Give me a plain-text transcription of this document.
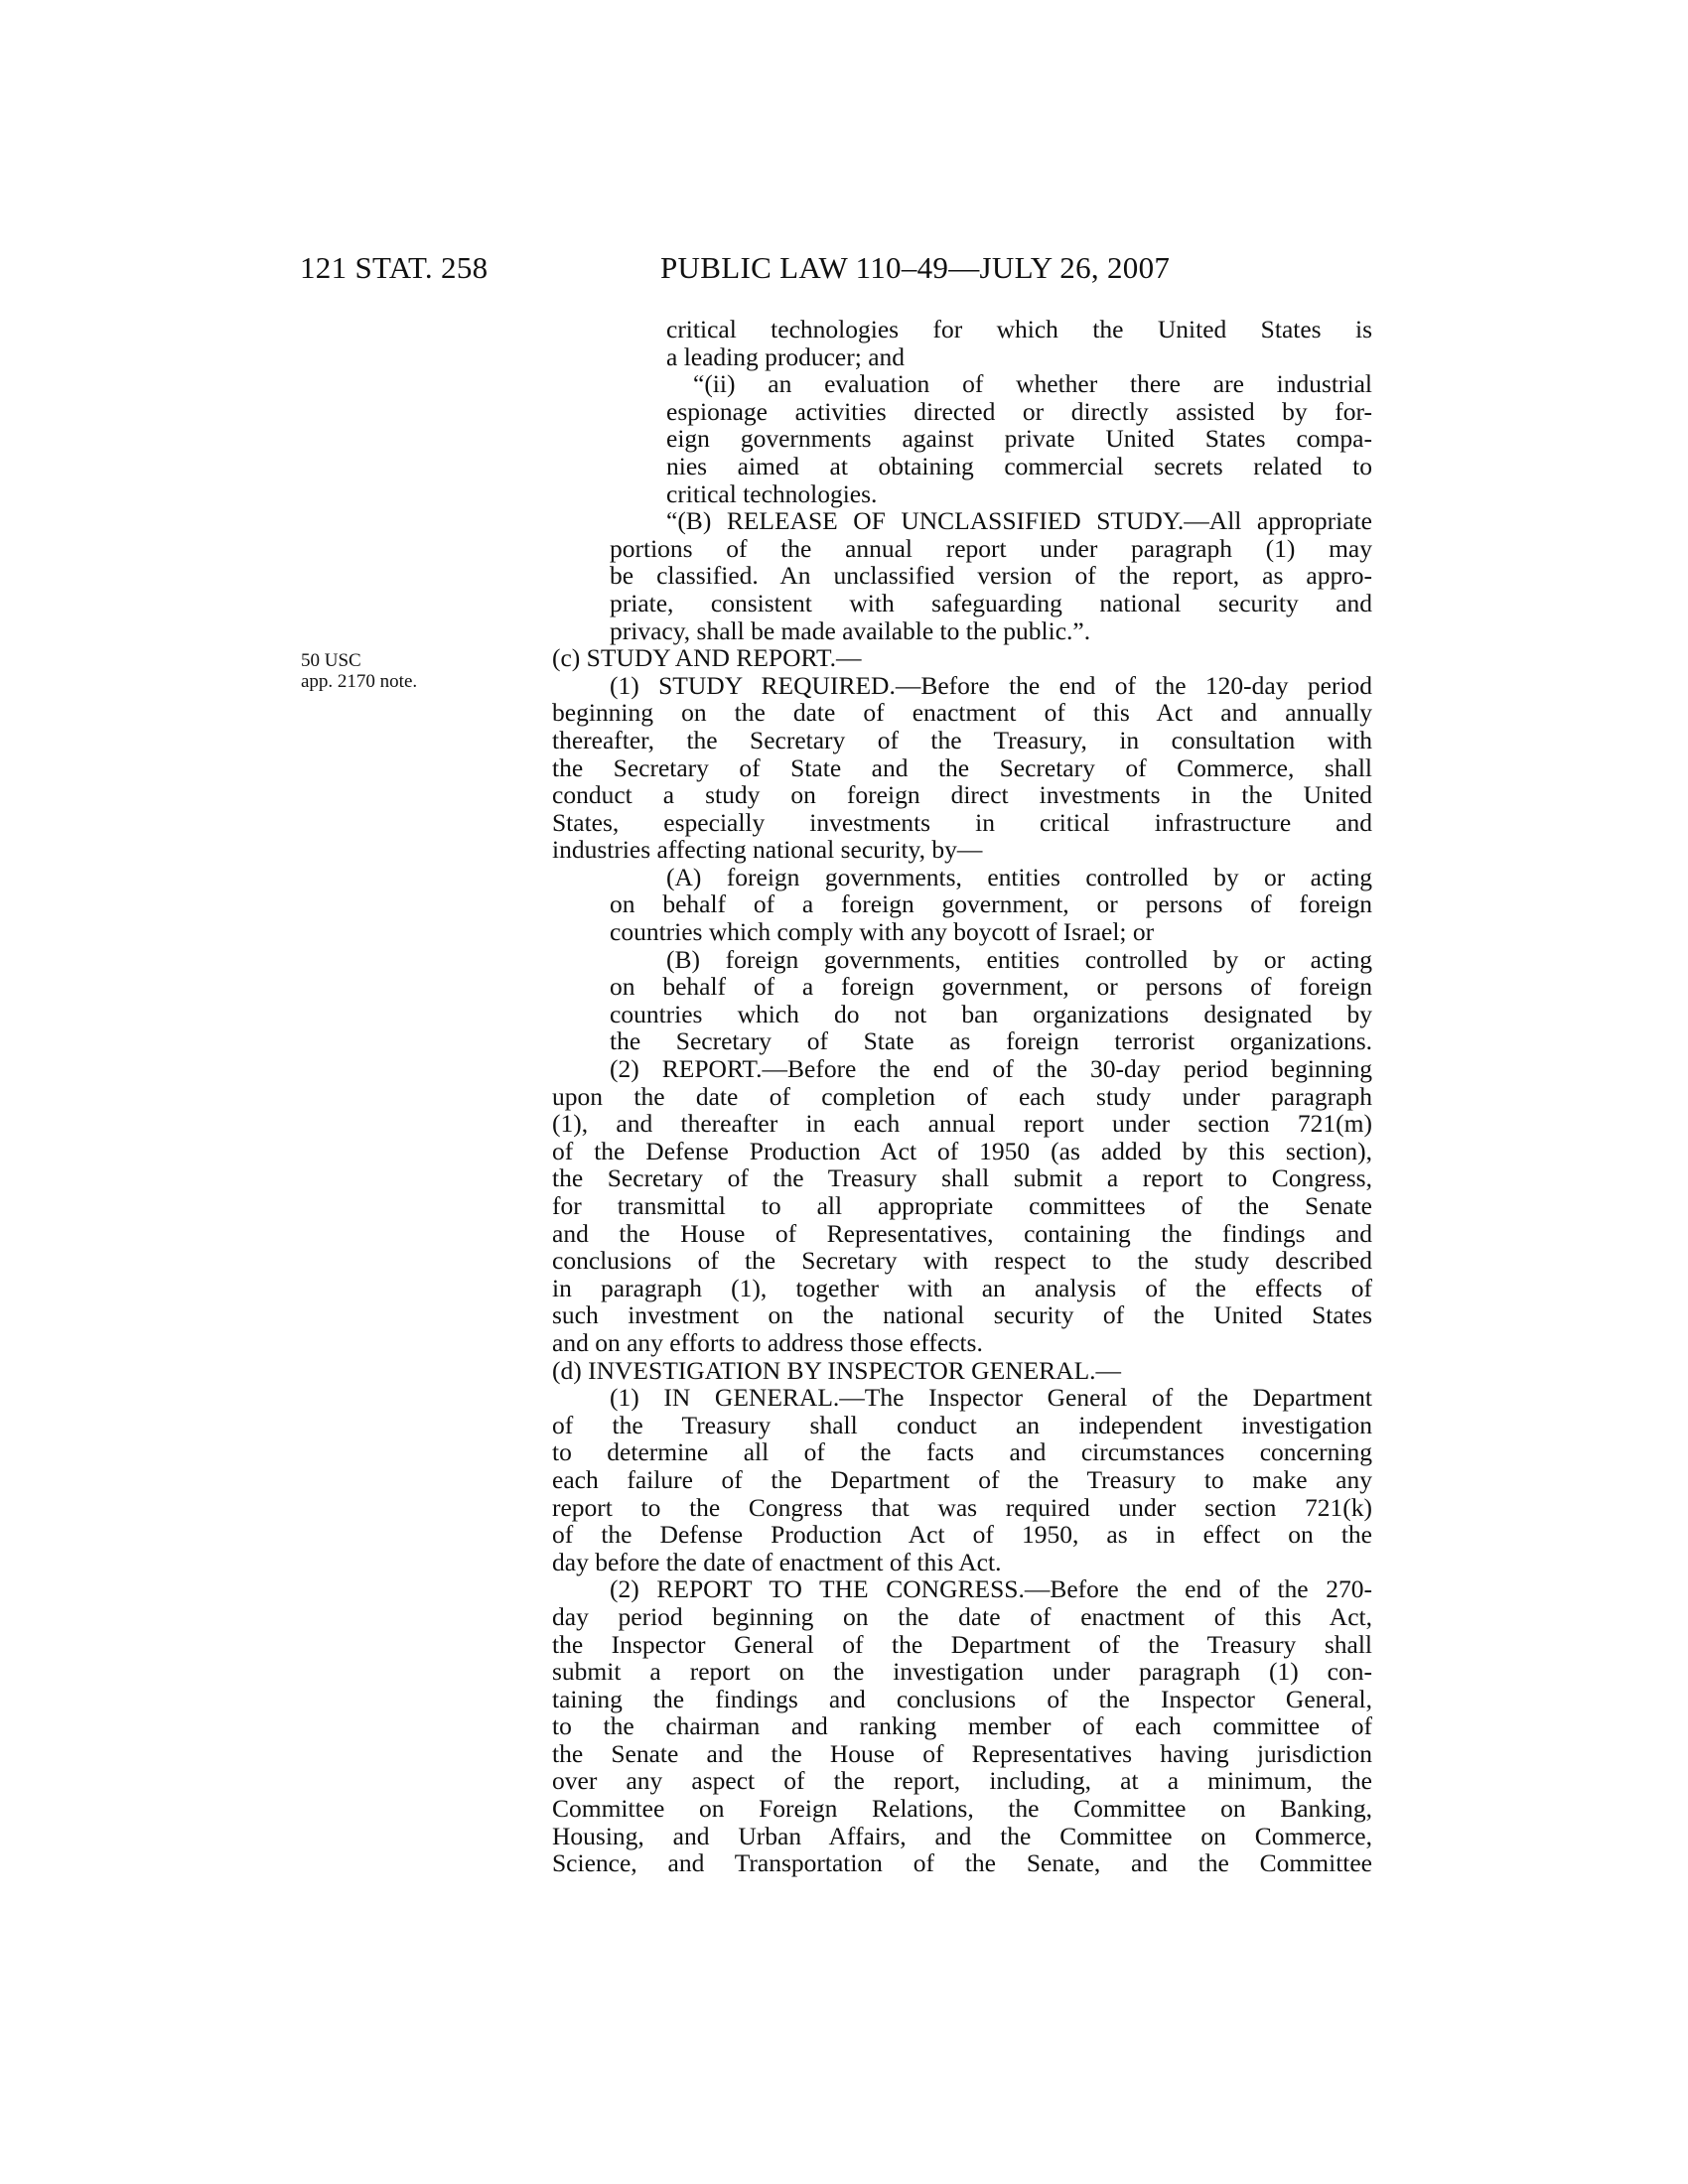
121 STAT. 258	PUBLIC LAW 110–49—JULY 26, 2007
50 USC
app. 2170 note.
critical technologies for which the United States is
a leading producer; and
“(ii) an evaluation of whether there are industrial
espionage activities directed or directly assisted by for-
eign governments against private United States compa-
nies aimed at obtaining commercial secrets related to
critical technologies.
“(B) RELEASE OF UNCLASSIFIED STUDY.—All appropriate
portions of the annual report under paragraph (1) may
be classified. An unclassified version of the report, as appro-
priate, consistent with safeguarding national security and
privacy, shall be made available to the public.”.
(c) STUDY AND REPORT.—
(1) STUDY REQUIRED.—Before the end of the 120-day period
beginning on the date of enactment of this Act and annually
thereafter, the Secretary of the Treasury, in consultation with
the Secretary of State and the Secretary of Commerce, shall
conduct a study on foreign direct investments in the United
States, especially investments in critical infrastructure and
industries affecting national security, by—
(A) foreign governments, entities controlled by or acting
on behalf of a foreign government, or persons of foreign
countries which comply with any boycott of Israel; or
(B) foreign governments, entities controlled by or acting
on behalf of a foreign government, or persons of foreign
countries which do not ban organizations designated by
the Secretary of State as foreign terrorist organizations.
(2) REPORT.—Before the end of the 30-day period beginning
upon the date of completion of each study under paragraph
(1), and thereafter in each annual report under section 721(m)
of the Defense Production Act of 1950 (as added by this section),
the Secretary of the Treasury shall submit a report to Congress,
for transmittal to all appropriate committees of the Senate
and the House of Representatives, containing the findings and
conclusions of the Secretary with respect to the study described
in paragraph (1), together with an analysis of the effects of
such investment on the national security of the United States
and on any efforts to address those effects.
(d) INVESTIGATION BY INSPECTOR GENERAL.—
(1) IN GENERAL.—The Inspector General of the Department
of the Treasury shall conduct an independent investigation
to determine all of the facts and circumstances concerning
each failure of the Department of the Treasury to make any
report to the Congress that was required under section 721(k)
of the Defense Production Act of 1950, as in effect on the
day before the date of enactment of this Act.
(2) REPORT TO THE CONGRESS.—Before the end of the 270-
day period beginning on the date of enactment of this Act,
the Inspector General of the Department of the Treasury shall
submit a report on the investigation under paragraph (1) con-
taining the findings and conclusions of the Inspector General,
to the chairman and ranking member of each committee of
the Senate and the House of Representatives having jurisdiction
over any aspect of the report, including, at a minimum, the
Committee on Foreign Relations, the Committee on Banking,
Housing, and Urban Affairs, and the Committee on Commerce,
Science, and Transportation of the Senate, and the Committee
